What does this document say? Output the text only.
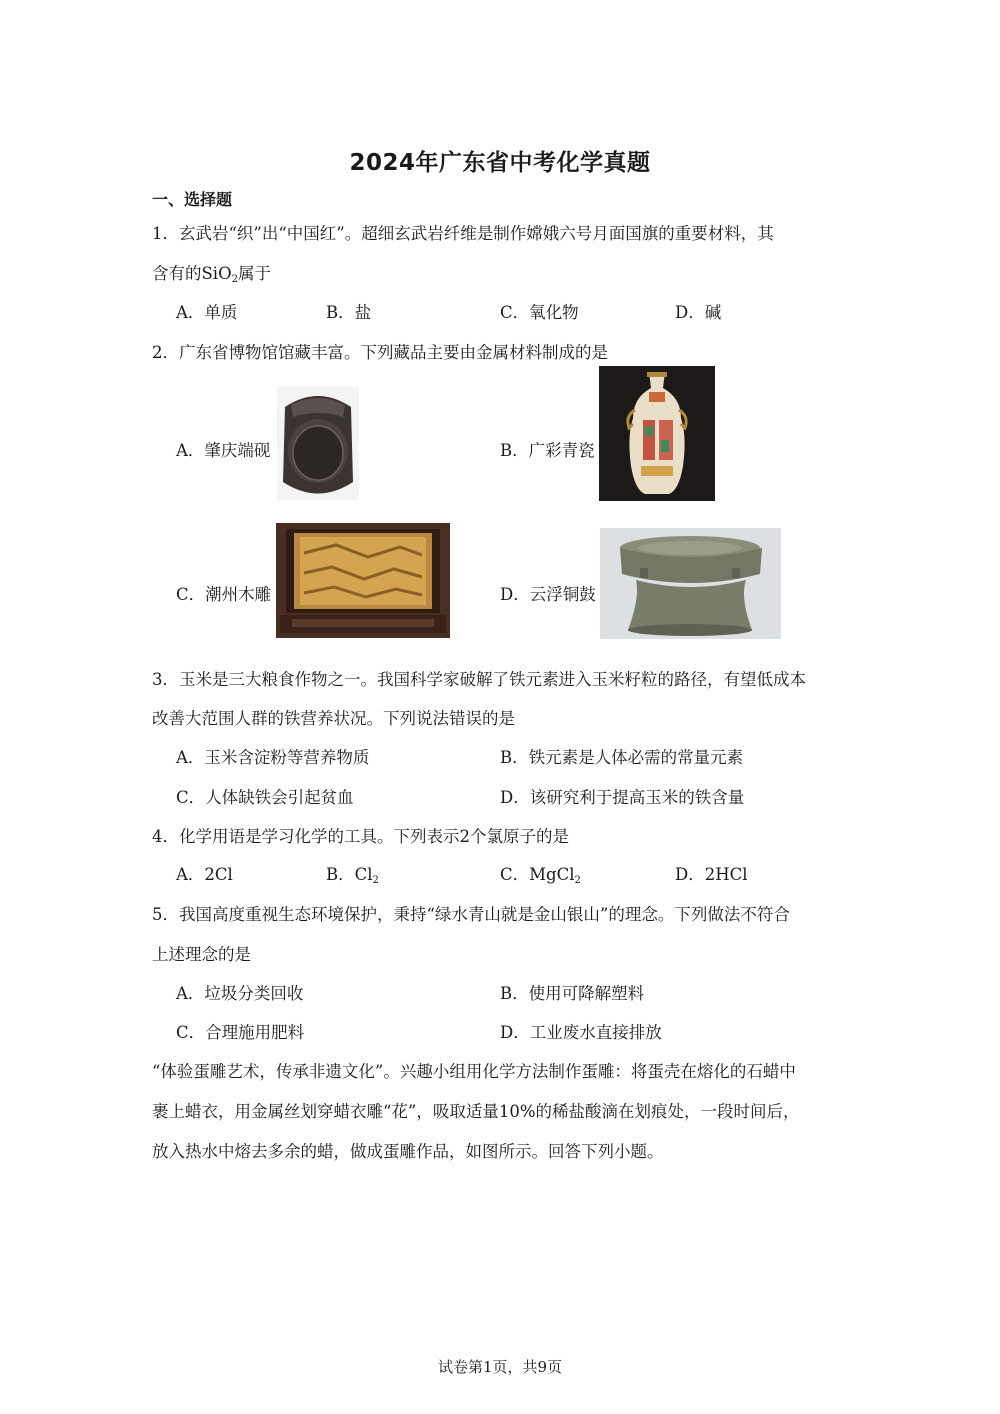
2024年广东省中考化学真题
一、选择题
1．玄武岩“织”出“中国红”。超细玄武岩纤维是制作嫦娥六号月面国旗的重要材料，其
含有的SiO$_2$属于
A．单质	B．盐	C．氧化物	D．碱
2．广东省博物馆馆藏丰富。下列藏品主要由金属材料制成的是
A．肇庆端砚	B．广彩青瓷
C．潮州木雕	D．云浮铜鼓
3．玉米是三大粮食作物之一。我国科学家破解了铁元素进入玉米籽粒的路径，有望低成本
改善大范围人群的铁营养状况。下列说法错误的是
A．玉米含淀粉等营养物质	B．铁元素是人体必需的常量元素
C．人体缺铁会引起贫血	D．该研究利于提高玉米的铁含量
4．化学用语是学习化学的工具。下列表示2个氯原子的是
A．2Cl	B．$Cl_2$	C．MgCl$_2$	D．2HCl
5．我国高度重视生态环境保护，秉持“绿水青山就是金山银山”的理念。下列做法不符合
上述理念的是
A．垃圾分类回收	B．使用可降解塑料
C．合理施用肥料	D．工业废水直接排放
“体验蛋雕艺术，传承非遗文化”。兴趣小组用化学方法制作蛋雕：将蛋壳在熔化的石蜡中
裹上蜡衣，用金属丝划穿蜡衣雕“花”，吸取适量10%的稀盐酸滴在划痕处，一段时间后，
放入热水中熔去多余的蜡，做成蛋雕作品，如图所示。回答下列小题。
试卷第1页，共9页
